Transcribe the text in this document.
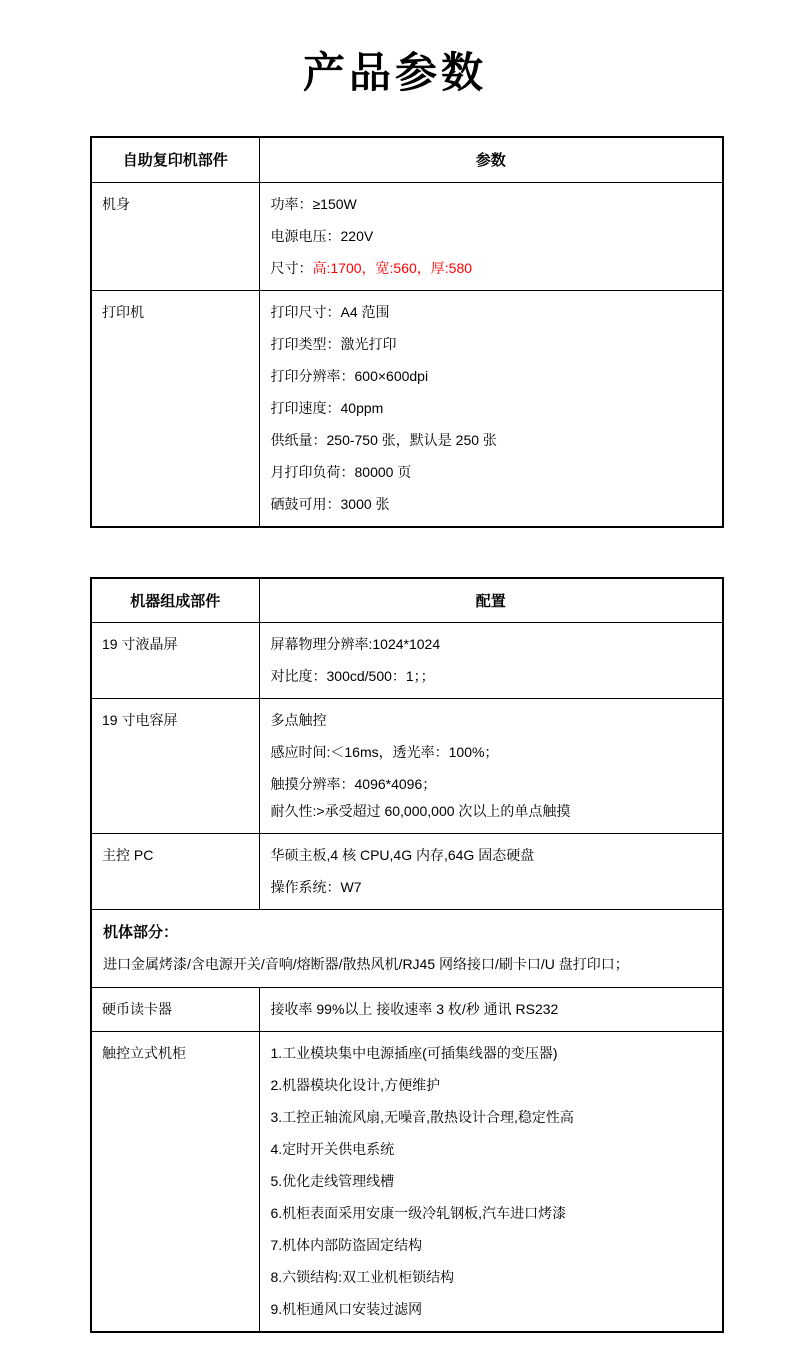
产品参数
自助复印机部件	参数
机身	功率：≥150W
电源电压：220V
尺寸：高:1700，宽:560，厚:580

打印机	打印尺寸：A4 范围
打印类型：激光打印
打印分辨率：600×600dpi
打印速度：40ppm
供纸量：250-750 张，默认是 250 张
月打印负荷：80000 页
硒鼓可用：3000 张
机器组成部件	配置
19 寸液晶屏	屏幕物理分辨率:1024*1024
对比度：300cd/500：1；；

19 寸电容屏	多点触控
感应时间:＜16ms，透光率：100%；
触摸分辨率：4096*4096；
耐久性:>承受超过 60,000,000 次以上的单点触摸

主控 PC	华硕主板,4 核 CPU,4G 内存,64G 固态硬盘
操作系统：W7

机体部分：
进口金属烤漆/含电源开关/音响/熔断器/散热风机/RJ45 网络接口/刷卡口/U 盘打印口；	

硬币读卡器	接收率 99%以上 接收速率 3 枚/秒 通讯 RS232

触控立式机柜	1.工业模块集中电源插座(可插集线器的变压器)
2.机器模块化设计,方便维护
3.工控正轴流风扇,无噪音,散热设计合理,稳定性高
4.定时开关供电系统
5.优化走线管理线槽
6.机柜表面采用安康一级冷轧钢板,汽车进口烤漆
7.机体内部防盗固定结构
8.六锁结构:双工业机柜锁结构
9.机柜通风口安装过滤网
